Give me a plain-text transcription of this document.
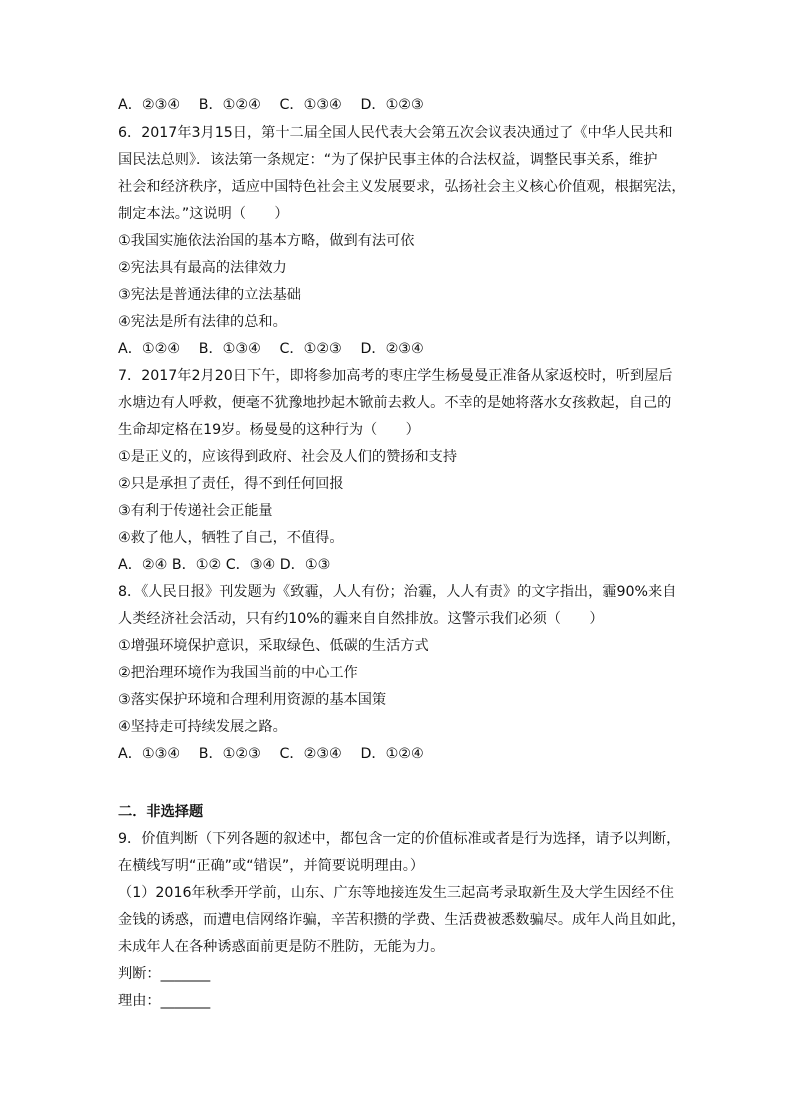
A．②③④　 B．①②④　 C．①③④　 D．①②③
6．2017年3月15日，第十二届全国人民代表大会第五次会议表决通过了《中华人民共和
国民法总则》．该法第一条规定：“为了保护民事主体的合法权益，调整民事关系，维护
社会和经济秩序，适应中国特色社会主义发展要求，弘扬社会主义核心价值观，根据宪法，
制定本法。”这说明（　　）
①我国实施依法治国的基本方略，做到有法可依
②宪法具有最高的法律效力
③宪法是普通法律的立法基础
④宪法是所有法律的总和。
A．①②④　 B．①③④　 C．①②③　 D．②③④
7．2017年2月20日下午，即将参加高考的枣庄学生杨曼曼正准备从家返校时，听到屋后
水塘边有人呼救，便毫不犹豫地抄起木锨前去救人。不幸的是她将落水女孩救起，自己的
生命却定格在19岁。杨曼曼的这种行为（　　）
①是正义的，应该得到政府、社会及人们的赞扬和支持
②只是承担了责任，得不到任何回报
③有利于传递社会正能量
④救了他人，牺牲了自己，不值得。
A．②④ B．①② C．③④ D．①③
8．《人民日报》刊发题为《致霾，人人有份；治霾，人人有责》的文字指出，霾90%来自
人类经济社会活动，只有约10%的霾来自自然排放。这警示我们必须（　　）
①增强环境保护意识，采取绿色、低碳的生活方式
②把治理环境作为我国当前的中心工作
③落实保护环境和合理利用资源的基本国策
④坚持走可持续发展之路。
A．①③④　 B．①②③　 C．②③④　 D．①②④
二．非选择题
9．价值判断（下列各题的叙述中，都包含一定的价值标准或者是行为选择，请予以判断，
在横线写明“正确”或“错误”，并简要说明理由。）
（1）2016年秋季开学前，山东、广东等地接连发生三起高考录取新生及大学生因经不住
金钱的诱惑，而遭电信网络诈骗，辛苦积攒的学费、生活费被悉数骗尽。成年人尚且如此，
未成年人在各种诱惑面前更是防不胜防，无能为力。
判断：_______
理由：_______
